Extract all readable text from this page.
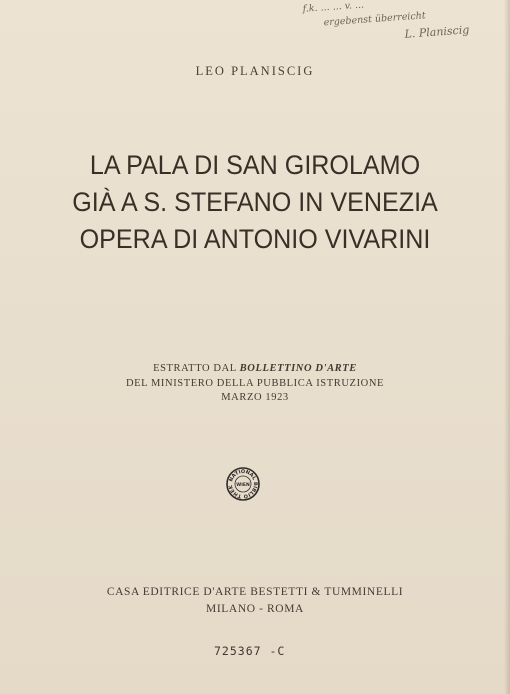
f.k. ... ... v. ...
ergebenst überreicht
L. Planiscig
LEO PLANISCIG
LA PALA DI SAN GIROLAMO
GIÀ A S. STEFANO IN VENEZIA
OPERA DI ANTONIO VIVARINI
ESTRATTO DAL BOLLETTINO D'ARTE
DEL MINISTERO DELLA PUBBLICA ISTRUZIONE
MARZO 1923
NATIONAL BIBLIO THEK WIEN
CASA EDITRICE D'ARTE BESTETTI & TUMMINELLI
MILANO - ROMA
725367 -C
